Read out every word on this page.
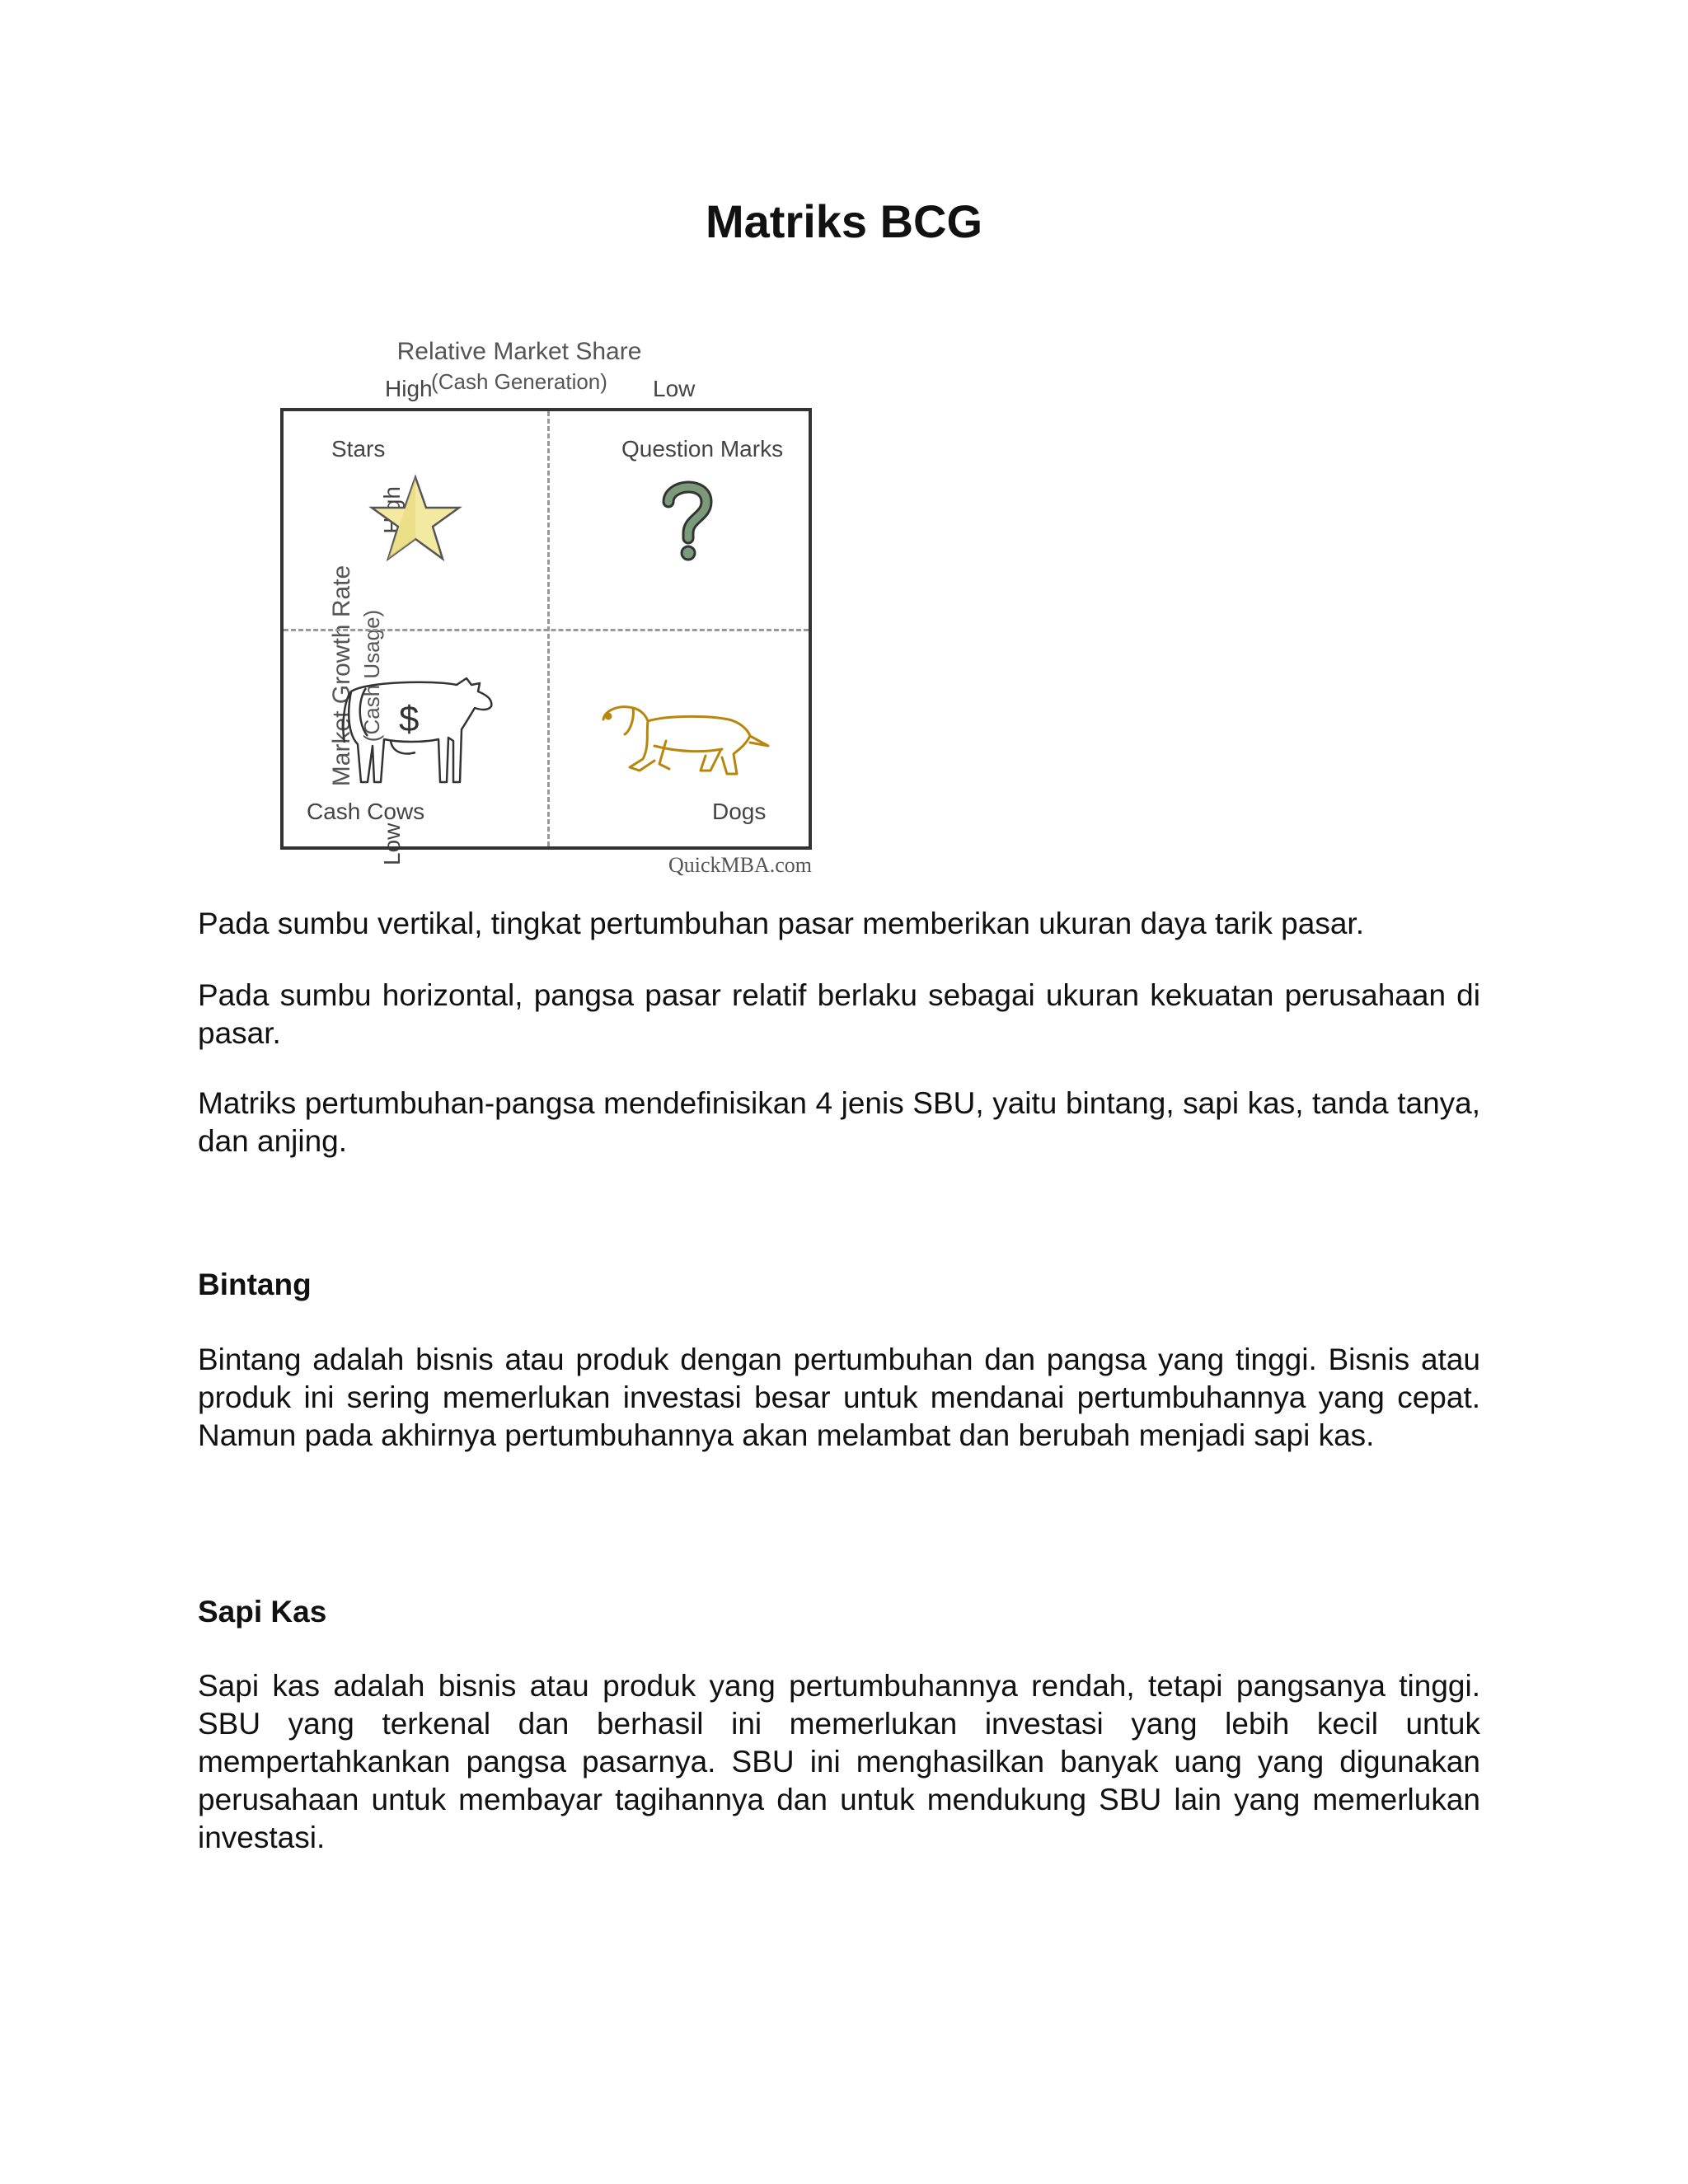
Matriks BCG
Relative Market Share
(Cash Generation)
High	Low
Market Growth Rate (Cash Usage)
Low
Stars	Question Marks
Cash Cows	Dogs
$
QuickMBA.com

Pada sumbu vertikal, tingkat pertumbuhan pasar memberikan ukuran daya tarik pasar.

Pada sumbu horizontal, pangsa pasar relatif berlaku sebagai ukuran kekuatan perusahaan di pasar.

Matriks pertumbuhan-pangsa mendefinisikan 4 jenis SBU, yaitu bintang, sapi kas, tanda tanya, dan anjing.

Bintang

Bintang adalah bisnis atau produk dengan pertumbuhan dan pangsa yang tinggi. Bisnis atau produk ini sering memerlukan investasi besar untuk mendanai pertumbuhannya yang cepat. Namun pada akhirnya pertumbuhannya akan melambat dan berubah menjadi sapi kas.

Sapi Kas

Sapi kas adalah bisnis atau produk yang pertumbuhannya rendah, tetapi pangsanya tinggi. SBU yang terkenal dan berhasil ini memerlukan investasi yang lebih kecil untuk mempertahkankan pangsa pasarnya. SBU ini menghasilkan banyak uang yang digunakan perusahaan untuk membayar tagihannya dan untuk mendukung SBU lain yang memerlukan investasi.
